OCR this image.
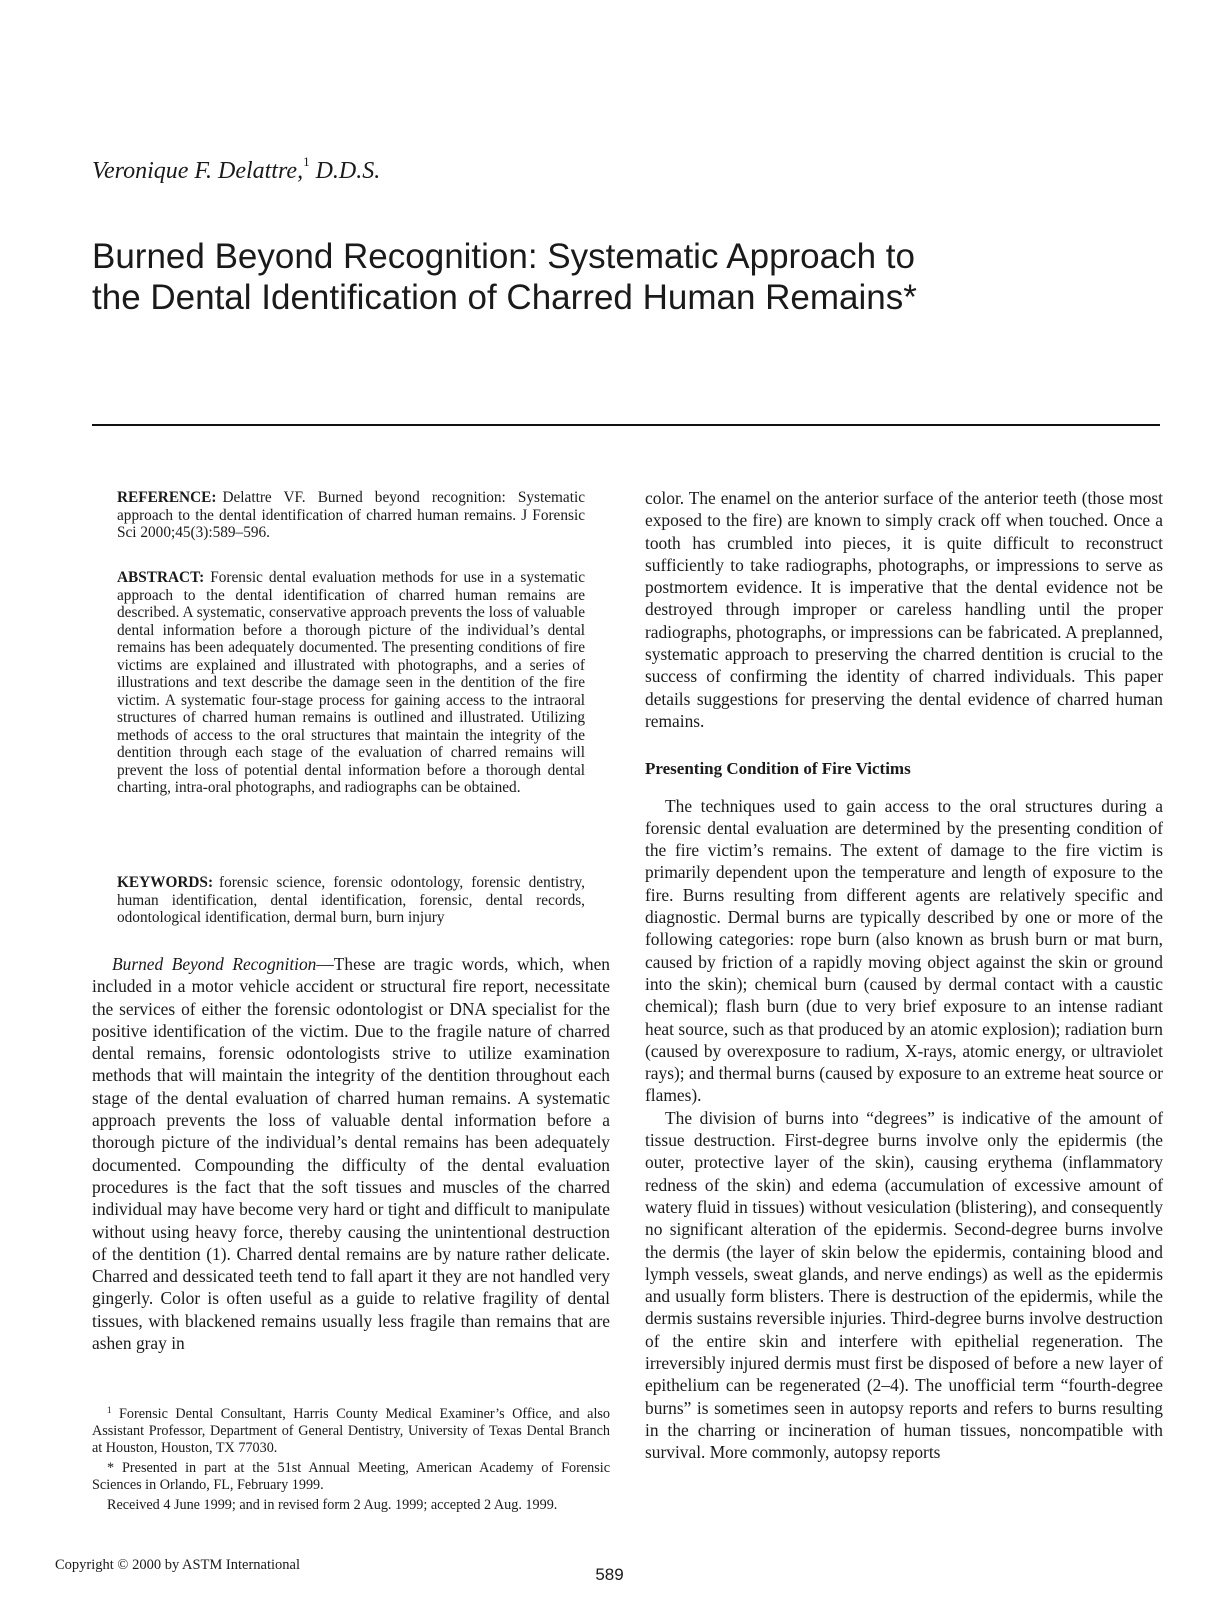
Veronique F. Delattre,$^1$ D.D.S.
Burned Beyond Recognition: Systematic Approach to the Dental Identification of Charred Human Remains*
REFERENCE: Delattre VF. Burned beyond recognition: Systematic approach to the dental identification of charred human remains. J Forensic Sci 2000;45(3):589–596.
ABSTRACT: Forensic dental evaluation methods for use in a systematic approach to the dental identification of charred human remains are described. A systematic, conservative approach prevents the loss of valuable dental information before a thorough picture of the individual’s dental remains has been adequately documented. The presenting conditions of fire victims are explained and illustrated with photographs, and a series of illustrations and text describe the damage seen in the dentition of the fire victim. A systematic four-stage process for gaining access to the intraoral structures of charred human remains is outlined and illustrated. Utilizing methods of access to the oral structures that maintain the integrity of the dentition through each stage of the evaluation of charred remains will prevent the loss of potential dental information before a thorough dental charting, intra-oral photographs, and radiographs can be obtained.
KEYWORDS: forensic science, forensic odontology, forensic dentistry, human identification, dental identification, forensic, dental records, odontological identification, dermal burn, burn injury

Burned Beyond Recognition—These are tragic words, which, when included in a motor vehicle accident or structural fire report, necessitate the services of either the forensic odontologist or DNA specialist for the positive identification of the victim. Due to the fragile nature of charred dental remains, forensic odontologists strive to utilize examination methods that will maintain the integrity of the dentition throughout each stage of the dental evaluation of charred human remains. A systematic approach prevents the loss of valuable dental information before a thorough picture of the individual’s dental remains has been adequately documented. Compounding the difficulty of the dental evaluation procedures is the fact that the soft tissues and muscles of the charred individual may have become very hard or tight and difficult to manipulate without using heavy force, thereby causing the unintentional destruction of the dentition (1). Charred dental remains are by nature rather delicate. Charred and dessicated teeth tend to fall apart it they are not handled very gingerly. Color is often useful as a guide to relative fragility of dental tissues, with blackened remains usually less fragile than remains that are ashen gray in

$^1$ Forensic Dental Consultant, Harris County Medical Examiner’s Office, and also Assistant Professor, Department of General Dentistry, University of Texas Dental Branch at Houston, Houston, TX 77030.

* Presented in part at the 51st Annual Meeting, American Academy of Forensic Sciences in Orlando, FL, February 1999.

Received 4 June 1999; and in revised form 2 Aug. 1999; accepted 2 Aug. 1999.

color. The enamel on the anterior surface of the anterior teeth (those most exposed to the fire) are known to simply crack off when touched. Once a tooth has crumbled into pieces, it is quite difficult to reconstruct sufficiently to take radiographs, photographs, or impressions to serve as postmortem evidence. It is imperative that the dental evidence not be destroyed through improper or careless handling until the proper radiographs, photographs, or impressions can be fabricated. A preplanned, systematic approach to preserving the charred dentition is crucial to the success of confirming the identity of charred individuals. This paper details suggestions for preserving the dental evidence of charred human remains.

Presenting Condition of Fire Victims

The techniques used to gain access to the oral structures during a forensic dental evaluation are determined by the presenting condition of the fire victim’s remains. The extent of damage to the fire victim is primarily dependent upon the temperature and length of exposure to the fire. Burns resulting from different agents are relatively specific and diagnostic. Dermal burns are typically described by one or more of the following categories: rope burn (also known as brush burn or mat burn, caused by friction of a rapidly moving object against the skin or ground into the skin); chemical burn (caused by dermal contact with a caustic chemical); flash burn (due to very brief exposure to an intense radiant heat source, such as that produced by an atomic explosion); radiation burn (caused by overexposure to radium, X-rays, atomic energy, or ultraviolet rays); and thermal burns (caused by exposure to an extreme heat source or flames).

The division of burns into “degrees” is indicative of the amount of tissue destruction. First-degree burns involve only the epidermis (the outer, protective layer of the skin), causing erythema (inflammatory redness of the skin) and edema (accumulation of excessive amount of watery fluid in tissues) without vesiculation (blistering), and consequently no significant alteration of the epidermis. Second-degree burns involve the dermis (the layer of skin below the epidermis, containing blood and lymph vessels, sweat glands, and nerve endings) as well as the epidermis and usually form blisters. There is destruction of the epidermis, while the dermis sustains reversible injuries. Third-degree burns involve destruction of the entire skin and interfere with epithelial regeneration. The irreversibly injured dermis must first be disposed of before a new layer of epithelium can be regenerated (2–4). The unofficial term “fourth-degree burns” is sometimes seen in autopsy reports and refers to burns resulting in the charring or incineration of human tissues, noncompatible with survival. More commonly, autopsy reports

Copyright © 2000 by ASTM International	589
